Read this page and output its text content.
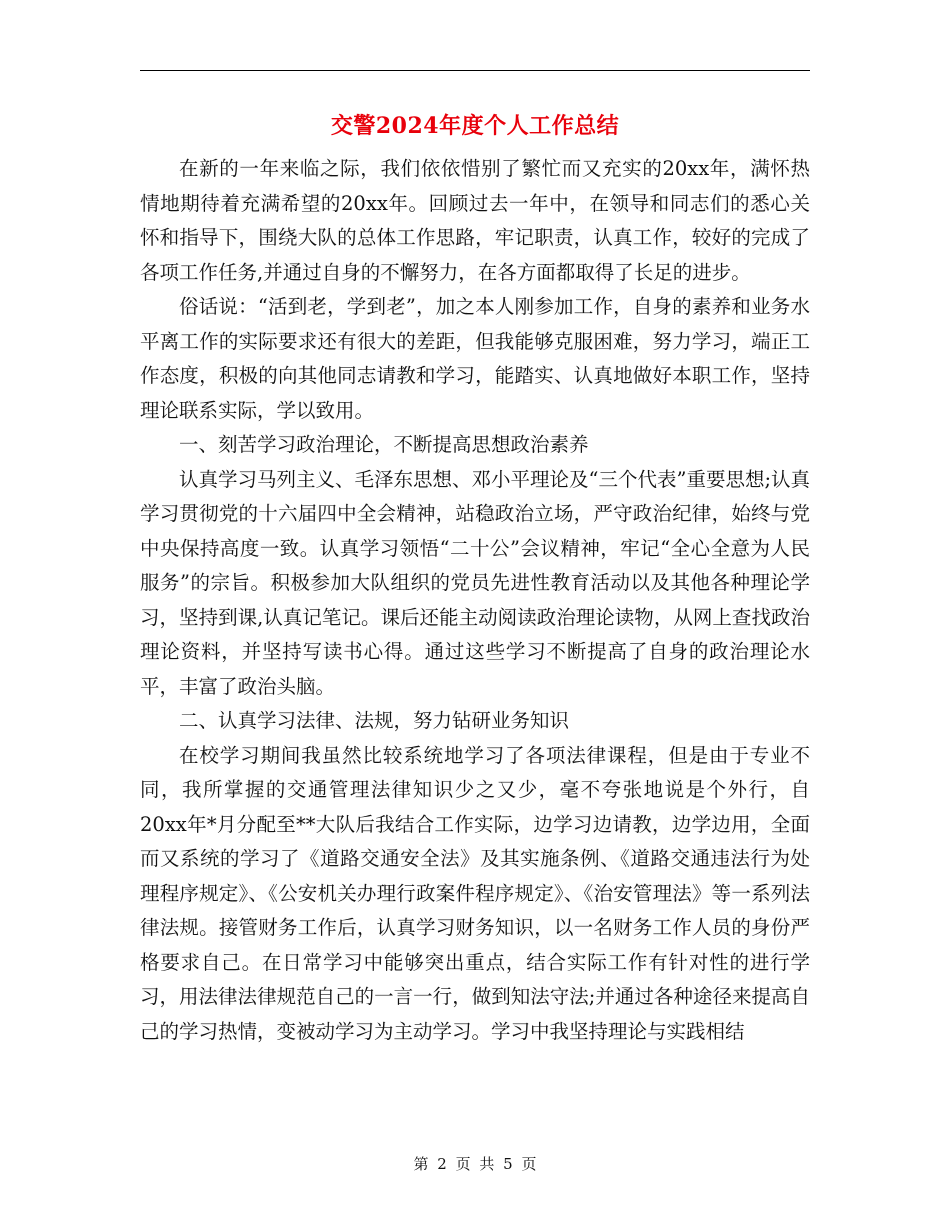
交警2024年度个人工作总结

在新的一年来临之际，我们依依惜别了繁忙而又充实的20xx年，满怀热情地期待着充满希望的20xx年。回顾过去一年中，在领导和同志们的悉心关怀和指导下，围绕大队的总体工作思路，牢记职责，认真工作，较好的完成了各项工作任务,并通过自身的不懈努力，在各方面都取得了长足的进步。

俗话说：“活到老，学到老”，加之本人刚参加工作，自身的素养和业务水平离工作的实际要求还有很大的差距，但我能够克服困难，努力学习，端正工作态度，积极的向其他同志请教和学习，能踏实、认真地做好本职工作，坚持理论联系实际，学以致用。

一、刻苦学习政治理论，不断提高思想政治素养

认真学习马列主义、毛泽东思想、邓小平理论及“三个代表”重要思想;认真学习贯彻党的十六届四中全会精神，站稳政治立场，严守政治纪律，始终与党中央保持高度一致。认真学习领悟“二十公”会议精神，牢记“全心全意为人民服务”的宗旨。积极参加大队组织的党员先进性教育活动以及其他各种理论学习，坚持到课,认真记笔记。课后还能主动阅读政治理论读物，从网上查找政治理论资料，并坚持写读书心得。通过这些学习不断提高了自身的政治理论水平，丰富了政治头脑。

二、认真学习法律、法规，努力钻研业务知识

在校学习期间我虽然比较系统地学习了各项法律课程，但是由于专业不同，我所掌握的交通管理法律知识少之又少，毫不夸张地说是个外行，自20xx年*月分配至**大队后我结合工作实际，边学习边请教，边学边用，全面而又系统的学习了《道路交通安全法》及其实施条例、《道路交通违法行为处理程序规定》、《公安机关办理行政案件程序规定》、《治安管理法》等一系列法律法规。接管财务工作后，认真学习财务知识，以一名财务工作人员的身份严格要求自己。在日常学习中能够突出重点，结合实际工作有针对性的进行学习，用法律法律规范自己的一言一行，做到知法守法;并通过各种途径来提高自己的学习热情，变被动学习为主动学习。学习中我坚持理论与实践相结

第 2 页 共 5 页
